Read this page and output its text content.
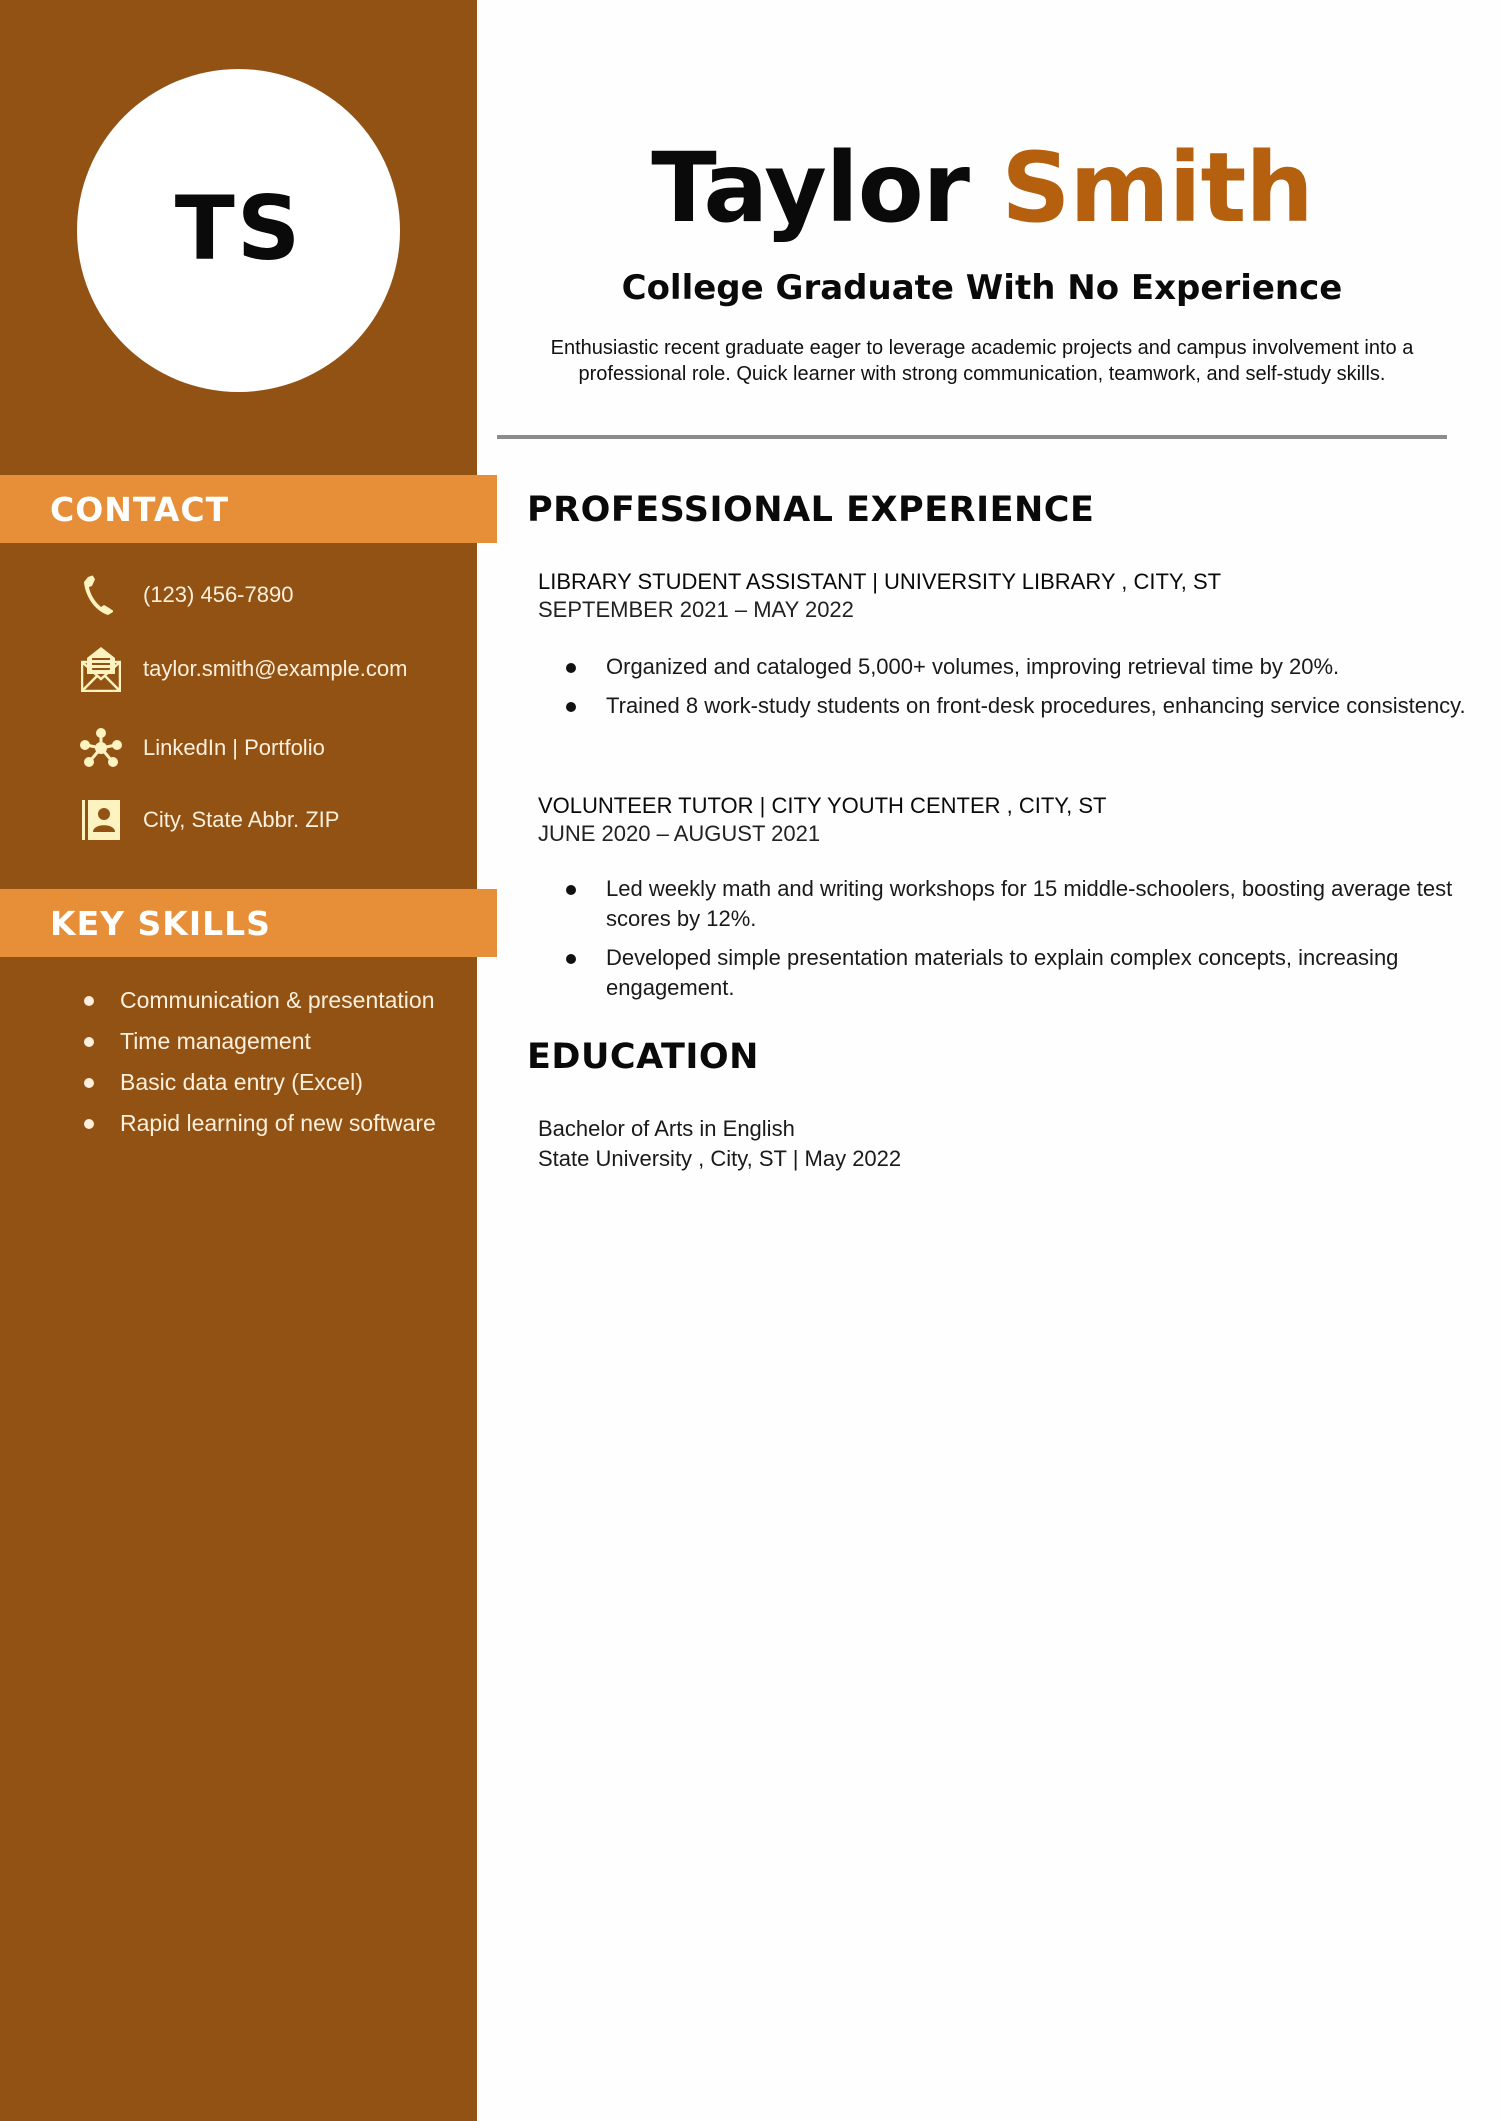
TS
CONTACT
(123) 456-7890
taylor.smith@example.com
LinkedIn | Portfolio
City, State Abbr. ZIP
KEY SKILLS
Communication & presentation
Time management
Basic data entry (Excel)
Rapid learning of new software
Taylor Smith
College Graduate With No Experience

Enthusiastic recent graduate eager to leverage academic projects and campus involvement into a professional role. Quick learner with strong communication, teamwork, and self-study skills.

PROFESSIONAL EXPERIENCE
LIBRARY STUDENT ASSISTANT | UNIVERSITY LIBRARY , CITY, ST
SEPTEMBER 2021 – MAY 2022
Organized and cataloged 5,000+ volumes, improving retrieval time by 20%.
Trained 8 work-study students on front-desk procedures, enhancing service consistency.
VOLUNTEER TUTOR | CITY YOUTH CENTER , CITY, ST
JUNE 2020 – AUGUST 2021
Led weekly math and writing workshops for 15 middle-schoolers, boosting average test scores by 12%.
Developed simple presentation materials to explain complex concepts, increasing engagement.
EDUCATION
Bachelor of Arts in English
State University , City, ST | May 2022
